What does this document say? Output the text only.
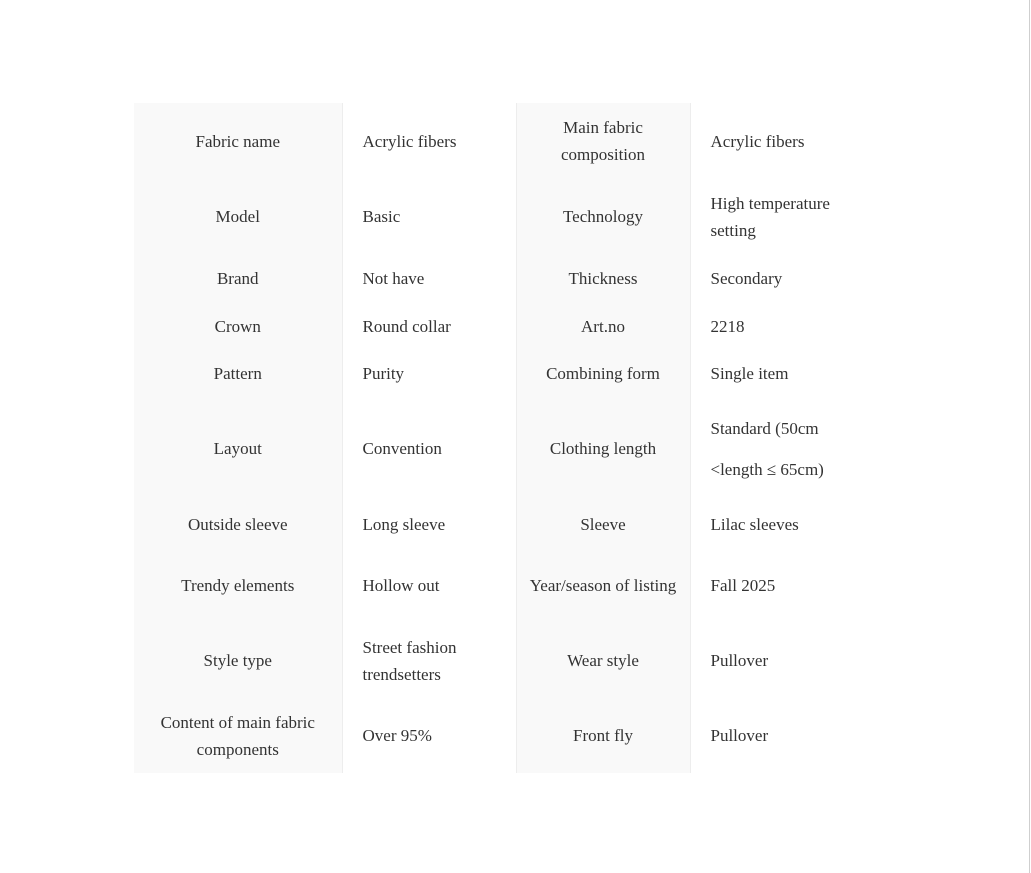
Fabric name	Acrylic fibers	Main fabric composition	Acrylic fibers
Model	Basic	Technology	High temperature setting
Brand	Not have	Thickness	Secondary
Crown	Round collar	Art.no	2218
Pattern	Purity	Combining form	Single item
Layout	Convention	Clothing length	Standard (50cm <length ≤ 65cm)
Outside sleeve	Long sleeve	Sleeve	Lilac sleeves
Trendy elements	Hollow out	Year/season of listing	Fall 2025
Style type	Street fashion trendsetters	Wear style	Pullover
Content of main fabric components	Over 95%	Front fly	Pullover
